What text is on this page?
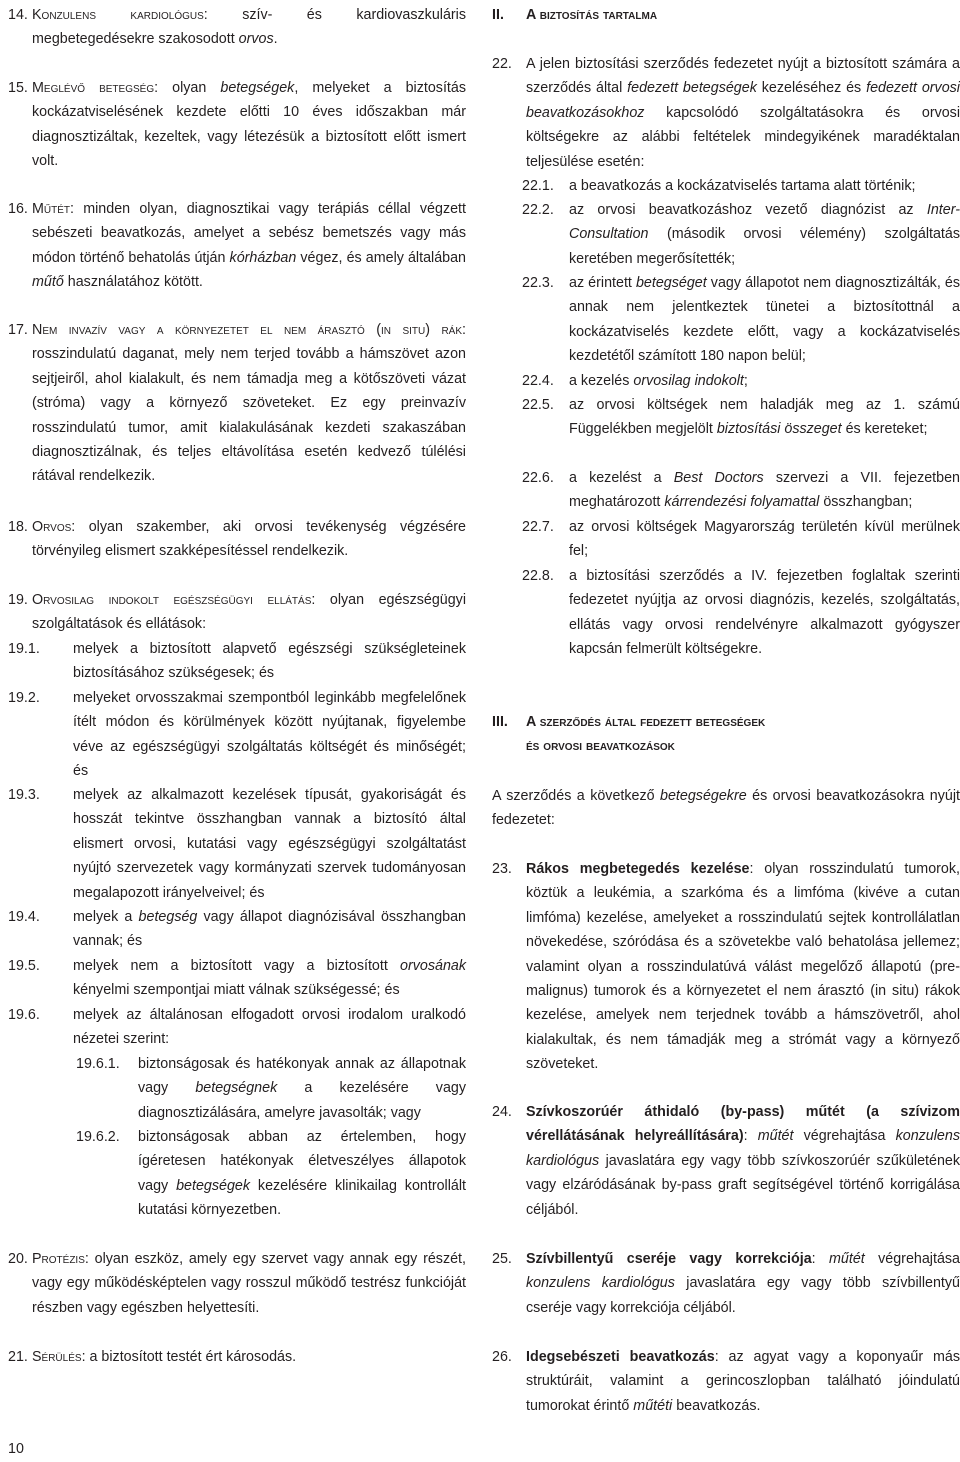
14. Konzulens kardiológus: szív- és kardiovaszkuláris megbetegedésekre szakosodott orvos.
15. Meglévő betegség: olyan betegségek, melyeket a biztosítás kockázatviselésének kezdete előtti 10 éves időszakban már diagnosztizáltak, kezeltek, vagy létezésük a biztosított előtt ismert volt.
16. Műtét: minden olyan, diagnosztikai vagy terápiás céllal végzett sebészeti beavatkozás, amelyet a sebész bemetszés vagy más módon történő behatolás útján kórházban végez, és amely általában műtő használatához kötött.
17. Nem invazív vagy a környezetet el nem árasztó (in situ) rák: rosszindulatú daganat, mely nem terjed tovább a hámszövet azon sejtjeiről, ahol kialakult, és nem támadja meg a kötőszöveti vázat (stróma) vagy a környező szöveteket. Ez egy preinvazív rosszindulatú tumor, amit kialakulásának kezdeti szakaszában diagnosztizálnak, és teljes eltávolítása esetén kedvező túlélési rátával rendelkezik.
18. Orvos: olyan szakember, aki orvosi tevékenység végzésére törvényileg elismert szakképesítéssel rendelkezik.
19. Orvosilag indokolt egészségügyi ellátás: olyan egészségügyi szolgáltatások és ellátások:
19.1. melyek a biztosított alapvető egészségi szükségleteinek biztosításához szükségesek; és
19.2. melyeket orvosszakmai szempontból leginkább megfelelőnek ítélt módon és körülmények között nyújtanak, figyelembe véve az egészségügyi szolgáltatás költségét és minőségét; és
19.3. melyek az alkalmazott kezelések típusát, gyakoriságát és hosszát tekintve összhangban vannak a biztosító által elismert orvosi, kutatási vagy egészségügyi szolgáltatást nyújtó szervezetek vagy kormányzati szervek tudományosan megalapozott irányelveivel; és
19.4. melyek a betegség vagy állapot diagnózisával összhangban vannak; és
19.5. melyek nem a biztosított vagy a biztosított orvosának kényelmi szempontjai miatt válnak szükségessé; és
19.6. melyek az általánosan elfogadott orvosi irodalom uralkodó nézetei szerint:
19.6.1. biztonságosak és hatékonyak annak az állapotnak vagy betegségnek a kezelésére vagy diagnosztizálására, amelyre javasolták; vagy
19.6.2. biztonságosak abban az értelemben, hogy ígéretesen hatékonyak életveszélyes állapotok vagy betegségek kezelésére klinikailag kontrollált kutatási környezetben.
20. Protézis: olyan eszköz, amely egy szervet vagy annak egy részét, vagy egy működésképtelen vagy rosszul működő testrész funkcióját részben vagy egészben helyettesíti.
21. Sérülés: a biztosított testét ért károsodás.
II. A biztosítás tartalma
22. A jelen biztosítási szerződés fedezetet nyújt a biztosított számára a szerződés által fedezett betegségek kezeléséhez és fedezett orvosi beavatkozásokhoz kapcsolódó szolgáltatásokra és orvosi költségekre az alábbi feltételek mindegyikének maradéktalan teljesülése esetén:
22.1. a beavatkozás a kockázatviselés tartama alatt történik;
22.2. az orvosi beavatkozáshoz vezető diagnózist az Inter-Consultation (második orvosi vélemény) szolgáltatás keretében megerősítették;
22.3. az érintett betegséget vagy állapotot nem diagnosztizálták, és annak nem jelentkeztek tünetei a biztosítottnál a kockázatviselés kezdete előtt, vagy a kockázatviselés kezdetétől számított 180 napon belül;
22.4. a kezelés orvosilag indokolt;
22.5. az orvosi költségek nem haladják meg az 1. számú Függelékben megjelölt biztosítási összeget és kereteket;
22.6. a kezelést a Best Doctors szervezi a VII. fejezetben meghatározott kárrendezési folyamattal összhangban;
22.7. az orvosi költségek Magyarország területén kívül merülnek fel;
22.8. a biztosítási szerződés a IV. fejezetben foglaltak szerinti fedezetet nyújtja az orvosi diagnózis, kezelés, szolgáltatás, ellátás vagy orvosi rendelvényre alkalmazott gyógyszer kapcsán felmerült költségekre.
III. A szerződés által fedezett betegségek
és orvosi beavatkozások
A szerződés a következő betegségekre és orvosi beavatkozásokra nyújt fedezetet:
23. Rákos megbetegedés kezelése: olyan rosszindulatú tumorok, köztük a leukémia, a szarkóma és a limfóma (kivéve a cutan limfóma) kezelése, amelyeket a rosszindulatú sejtek kontrollálatlan növekedése, szóródása és a szövetekbe való behatolása jellemez; valamint olyan a rosszindulatúvá válást megelőző állapotú (pre-malignus) tumorok és a környezetet el nem árasztó (in situ) rákok kezelése, amelyek nem terjednek tovább a hámszövetről, ahol kialakultak, és nem támadják meg a strómát vagy a környező szöveteket.
24. Szívkoszorúér áthidaló (by-pass) műtét (a szívizom vérellátásának helyreállítására): műtét végrehajtása konzulens kardiológus javaslatára egy vagy több szívkoszorúér szűkületének vagy elzáródásának by-pass graft segítségével történő korrigálása céljából.
25. Szívbillentyű cseréje vagy korrekciója: műtét végrehajtása konzulens kardiológus javaslatára egy vagy több szívbillentyű cseréje vagy korrekciója céljából.
26. Idegsebészeti beavatkozás: az agyat vagy a koponyaűr más struktúráit, valamint a gerincoszlopban található jóindulatú tumorokat érintő műtéti beavatkozás.
10
